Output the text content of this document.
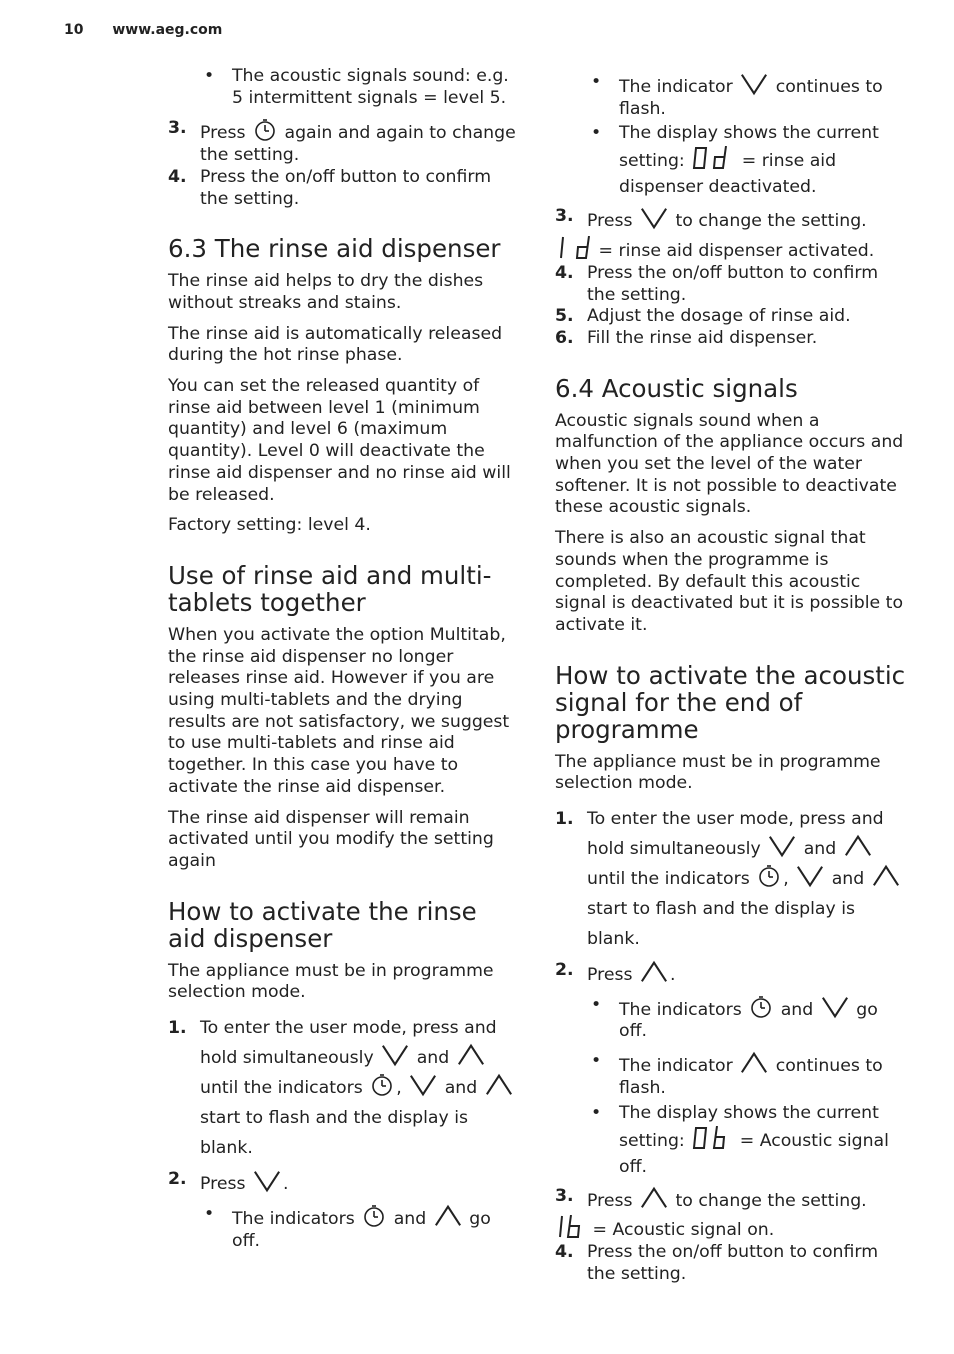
10 www.aeg.com
•	The acoustic signals sound: e.g. 5 intermittent signals = level 5.
3. Press again and again to change the setting.
4. Press the on/off button to confirm the setting.
6.3 The rinse aid dispenser

The rinse aid helps to dry the dishes without streaks and stains.

The rinse aid is automatically released during the hot rinse phase.

You can set the released quantity of rinse aid between level 1 (minimum quantity) and level 6 (maximum quantity). Level 0 will deactivate the rinse aid dispenser and no rinse aid will be released.

Factory setting: level 4.

Use of rinse aid and multi-tablets together

When you activate the option Multitab, the rinse aid dispenser no longer releases rinse aid. However if you are using multi-tablets and the drying results are not satisfactory, we suggest to use multi-tablets and rinse aid together. In this case you have to activate the rinse aid dispenser.

The rinse aid dispenser will remain activated until you modify the setting again

How to activate the rinse aid dispenser

The appliance must be in programme selection mode.

1. To enter the user mode, press and hold simultaneously and  until the indicators , and  start to flash and the display is blank.
2. Press .
•	The indicators and go off.
•	The indicator continues to flash.
•	The display shows the current setting:	= rinse aid dispenser deactivated.
3. Press to change the setting.
= rinse aid dispenser activated.
4. Press the on/off button to confirm the setting.
5. Adjust the dosage of rinse aid.
6. Fill the rinse aid dispenser.
6.4 Acoustic signals

Acoustic signals sound when a malfunction of the appliance occurs and when you set the level of the water softener. It is not possible to deactivate these acoustic signals.

There is also an acoustic signal that sounds when the programme is completed. By default this acoustic signal is deactivated but it is possible to activate it.

How to activate the acoustic signal for the end of programme

The appliance must be in programme selection mode.

1. To enter the user mode, press and hold simultaneously and  until the indicators , and  start to flash and the display is blank.
2. Press .
•	The indicators and go off.
•	The indicator continues to flash.
•	The display shows the current setting:	= Acoustic signal off.
3. Press to change the setting.
= Acoustic signal on.
4. Press the on/off button to confirm the setting.
